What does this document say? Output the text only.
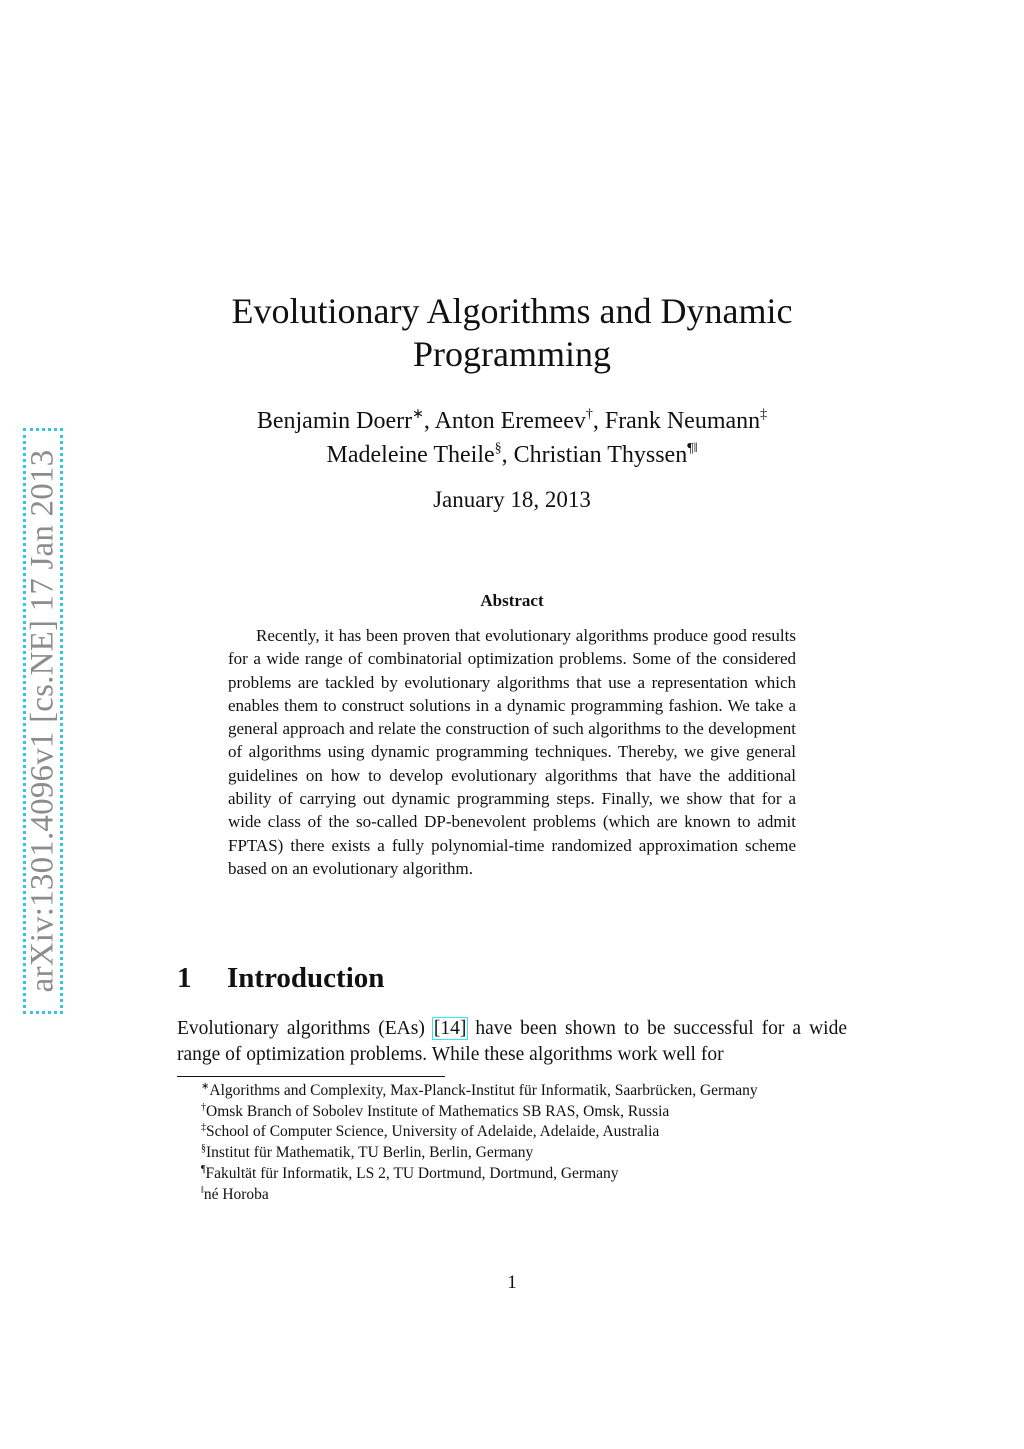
arXiv:1301.4096v1 [cs.NE] 17 Jan 2013
Evolutionary Algorithms and Dynamic
Programming
Benjamin Doerr∗, Anton Eremeev†, Frank Neumann‡
Madeleine Theile§, Christian Thyssen¶‖
January 18, 2013
Abstract

Recently, it has been proven that evolutionary algorithms produce good results for a wide range of combinatorial optimization problems. Some of the considered problems are tackled by evolutionary algorithms that use a representation which enables them to construct solutions in a dynamic programming fashion. We take a general approach and relate the construction of such algorithms to the development of algorithms using dynamic programming techniques. Thereby, we give general guidelines on how to develop evolutionary algorithms that have the additional ability of carrying out dynamic programming steps. Finally, we show that for a wide class of the so-called DP-benevolent problems (which are known to admit FPTAS) there exists a fully polynomial-time randomized approximation scheme based on an evolutionary algorithm.

1 Introduction

Evolutionary algorithms (EAs) [14] have been shown to be successful for a wide range of optimization problems. While these algorithms work well for

∗Algorithms and Complexity, Max-Planck-Institut für Informatik, Saarbrücken, Germany

†Omsk Branch of Sobolev Institute of Mathematics SB RAS, Omsk, Russia

‡School of Computer Science, University of Adelaide, Adelaide, Australia

§Institut für Mathematik, TU Berlin, Berlin, Germany

¶Fakultät für Informatik, LS 2, TU Dortmund, Dortmund, Germany

‖né Horoba

1
